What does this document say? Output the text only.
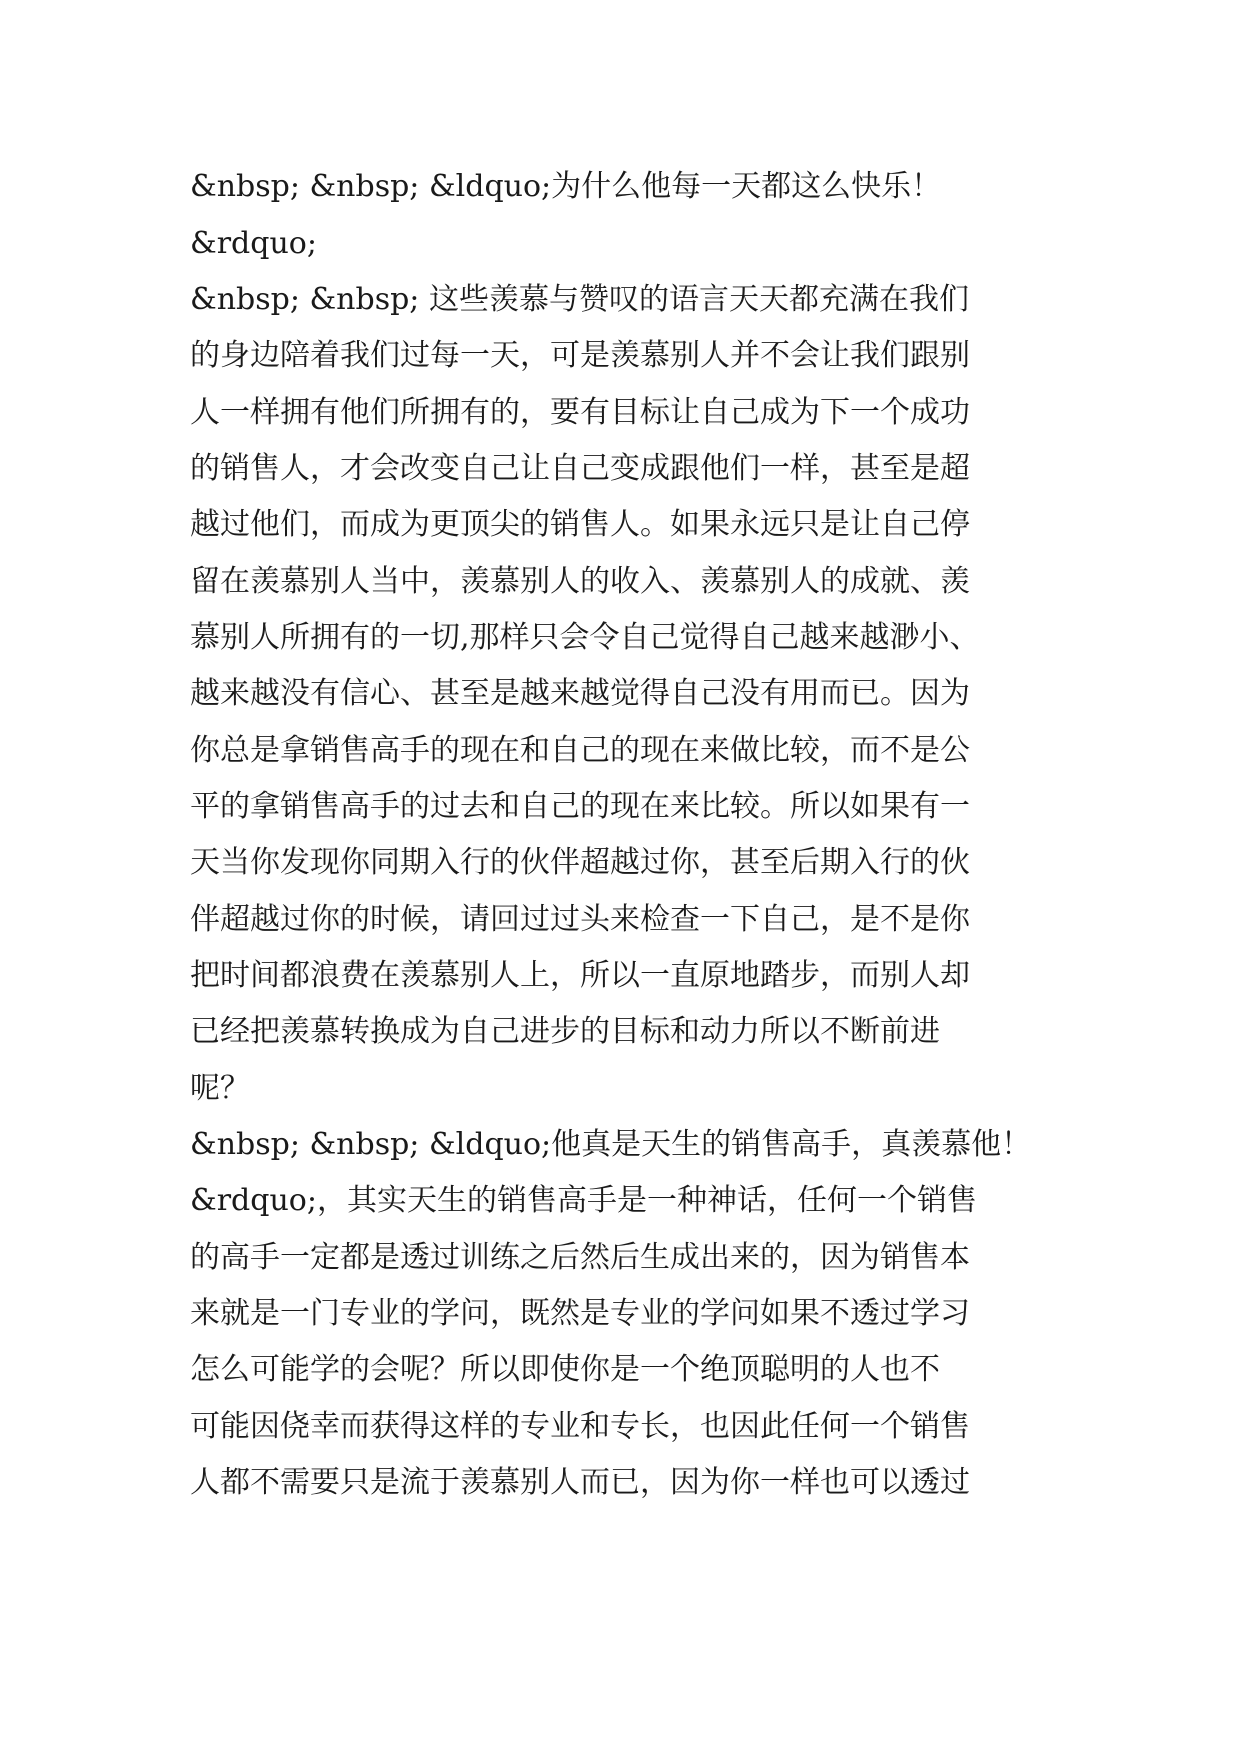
&nbsp; &nbsp; &ldquo;为什么他每一天都这么快乐！
&rdquo;
&nbsp; &nbsp; 这些羡慕与赞叹的语言天天都充满在我们
的身边陪着我们过每一天，可是羡慕别人并不会让我们跟别
人一样拥有他们所拥有的，要有目标让自己成为下一个成功
的销售人，才会改变自己让自己变成跟他们一样，甚至是超
越过他们，而成为更顶尖的销售人。如果永远只是让自己停
留在羡慕别人当中，羡慕别人的收入、羡慕别人的成就、羡
慕别人所拥有的一切,那样只会令自己觉得自己越来越渺小、
越来越没有信心、甚至是越来越觉得自己没有用而已。因为
你总是拿销售高手的现在和自己的现在来做比较，而不是公
平的拿销售高手的过去和自己的现在来比较。所以如果有一
天当你发现你同期入行的伙伴超越过你，甚至后期入行的伙
伴超越过你的时候，请回过过头来检查一下自己，是不是你
把时间都浪费在羡慕别人上，所以一直原地踏步，而别人却
已经把羡慕转换成为自己进步的目标和动力所以不断前进
呢？
&nbsp; &nbsp; &ldquo;他真是天生的销售高手，真羡慕他！
&rdquo;，其实天生的销售高手是一种神话，任何一个销售
的高手一定都是透过训练之后然后生成出来的，因为销售本
来就是一门专业的学问，既然是专业的学问如果不透过学习
怎么可能学的会呢？所以即使你是一个绝顶聪明的人也不
可能因侥幸而获得这样的专业和专长，也因此任何一个销售
人都不需要只是流于羡慕别人而已，因为你一样也可以透过
